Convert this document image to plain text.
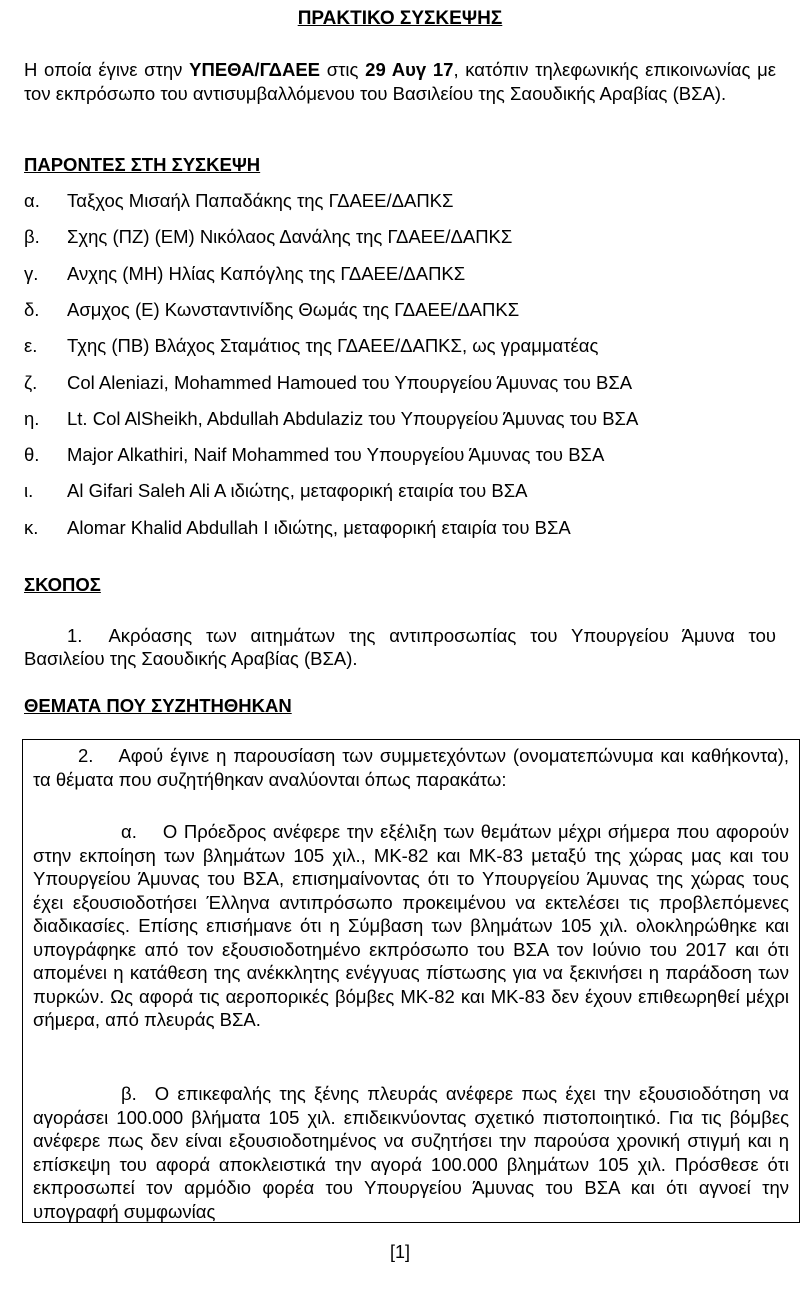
ΠΡΑΚΤΙΚΟ ΣΥΣΚΕΨΗΣ
Η οποία έγινε στην ΥΠΕΘΑ/ΓΔΑΕΕ στις 29 Αυγ 17, κατόπιν τηλεφωνικής επικοινωνίας με τον εκπρόσωπο του αντισυμβαλλόμενου του Βασιλείου της Σαουδικής Αραβίας (ΒΣΑ).
ΠΑΡΟΝΤΕΣ ΣΤΗ ΣΥΣΚΕΨΗ
α. Ταξχος Μισαήλ Παπαδάκης της ΓΔΑΕΕ/ΔΑΠΚΣ
β. Σχης (ΠΖ) (ΕΜ) Νικόλαος Δανάλης της ΓΔΑΕΕ/ΔΑΠΚΣ
γ. Ανχης (ΜΗ) Ηλίας Καπόγλης της ΓΔΑΕΕ/ΔΑΠΚΣ
δ. Ασμχος (Ε) Κωνσταντινίδης Θωμάς της ΓΔΑΕΕ/ΔΑΠΚΣ
ε. Τχης (ΠΒ) Βλάχος Σταμάτιος της ΓΔΑΕΕ/ΔΑΠΚΣ, ως γραμματέας
ζ. Col Aleniazi, Mohammed Hamoued του Υπουργείου Άμυνας του ΒΣΑ
η. Lt. Col AlSheikh, Abdullah Abdulaziz του Υπουργείου Άμυνας του ΒΣΑ
θ. Major Alkathiri, Naif Mohammed του Υπουργείου Άμυνας του ΒΣΑ
ι. Al Gifari Saleh Ali A ιδιώτης, μεταφορική εταιρία του ΒΣΑ
κ. Alomar Khalid Abdullah I ιδιώτης, μεταφορική εταιρία του ΒΣΑ
ΣΚΟΠΟΣ
1. Ακρόασης των αιτημάτων της αντιπροσωπίας του Υπουργείου Άμυνα του Βασιλείου της Σαουδικής Αραβίας (ΒΣΑ).
ΘΕΜΑΤΑ ΠΟΥ ΣΥΖΗΤΗΘΗΚΑΝ
2. Αφού έγινε η παρουσίαση των συμμετεχόντων (ονοματεπώνυμα και καθήκοντα), τα θέματα που συζητήθηκαν αναλύονται όπως παρακάτω:
α. Ο Πρόεδρος ανέφερε την εξέλιξη των θεμάτων μέχρι σήμερα που αφορούν στην εκποίηση των βλημάτων 105 χιλ., ΜΚ-82 και ΜΚ-83 μεταξύ της χώρας μας και του Υπουργείου Άμυνας του ΒΣΑ, επισημαίνοντας ότι το Υπουργείου Άμυνας της χώρας τους έχει εξουσιοδοτήσει Έλληνα αντιπρόσωπο προκειμένου να εκτελέσει τις προβλεπόμενες διαδικασίες. Επίσης επισήμανε ότι η Σύμβαση των βλημάτων 105 χιλ. ολοκληρώθηκε και υπογράφηκε από τον εξουσιοδοτημένο εκπρόσωπο του ΒΣΑ τον Ιούνιο του 2017 και ότι απομένει η κατάθεση της ανέκκλητης ενέγγυας πίστωσης για να ξεκινήσει η παράδοση των πυρκών. Ως αφορά τις αεροπορικές βόμβες ΜΚ-82 και ΜΚ-83 δεν έχουν επιθεωρηθεί μέχρι σήμερα, από πλευράς ΒΣΑ.
β. Ο επικεφαλής της ξένης πλευράς ανέφερε πως έχει την εξουσιοδότηση να αγοράσει 100.000 βλήματα 105 χιλ. επιδεικνύοντας σχετικό πιστοποιητικό. Για τις βόμβες ανέφερε πως δεν είναι εξουσιοδοτημένος να συζητήσει την παρούσα χρονική στιγμή και η επίσκεψη του αφορά αποκλειστικά την αγορά 100.000 βλημάτων 105 χιλ. Πρόσθεσε ότι εκπροσωπεί τον αρμόδιο φορέα του Υπουργείου Άμυνας του ΒΣΑ και ότι αγνοεί την υπογραφή συμφωνίας
[1]
